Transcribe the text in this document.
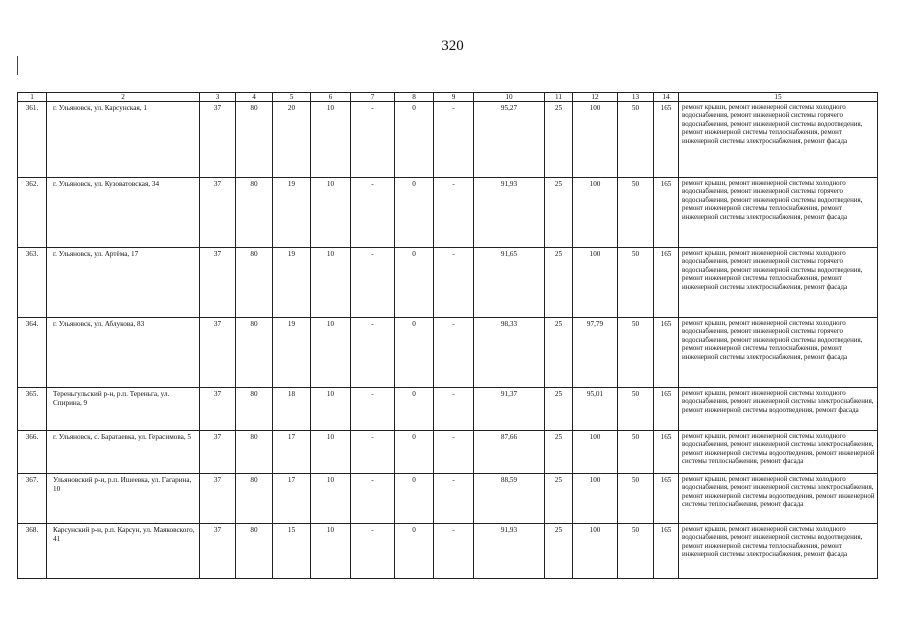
320
1	2	3	4	5	6	7	8	9	10	11	12	13	14	15
361.	г. Ульяновск, ул. Карсунская, 1	37	80	20	10	-	0	-	95,27	25	100	50	165	ремонт крыши, ремонт инженерной системы холодного водоснабжения, ремонт инженерной системы горячего водоснабжения, ремонт инженерной системы водоотведения, ремонт инженерной системы теплоснабжения, ремонт инженерной системы электроснабжения, ремонт фасада
362.	г. Ульяновск, ул. Кузоватовская, 34	37	80	19	10	-	0	-	91,93	25	100	50	165	ремонт крыши, ремонт инженерной системы холодного водоснабжения, ремонт инженерной системы горячего водоснабжения, ремонт инженерной системы водоотведения, ремонт инженерной системы теплоснабжения, ремонт инженерной системы электроснабжения, ремонт фасада
363.	г. Ульяновск, ул. Артёма, 17	37	80	19	10	-	0	-	91,65	25	100	50	165	ремонт крыши, ремонт инженерной системы холодного водоснабжения, ремонт инженерной системы горячего водоснабжения, ремонт инженерной системы водоотведения, ремонт инженерной системы теплоснабжения, ремонт инженерной системы электроснабжения, ремонт фасада
364.	г. Ульяновск, ул. Аблукова, 83	37	80	19	10	-	0	-	98,33	25	97,79	50	165	ремонт крыши, ремонт инженерной системы холодного водоснабжения, ремонт инженерной системы горячего водоснабжения, ремонт инженерной системы водоотведения, ремонт инженерной системы теплоснабжения, ремонт инженерной системы электроснабжения, ремонт фасада
365.	Тереньгульский р-н, р.п. Тереньга, ул. Спирина, 9	37	80	18	10	-	0	-	91,37	25	95,01	50	165	ремонт крыши, ремонт инженерной системы холодного водоснабжения, ремонт инженерной системы электроснабжения, ремонт инженерной системы водоотведения, ремонт фасада
366.	г. Ульяновск, с. Баратаевка, ул. Герасимова, 5	37	80	17	10	-	0	-	87,66	25	100	50	165	ремонт крыши, ремонт инженерной системы холодного водоснабжения, ремонт инженерной системы электроснабжения, ремонт инженерной системы водоотведения, ремонт инженерной системы теплоснабжения, ремонт фасада
367.	Ульяновский р-н, р.п. Ишеевка, ул. Гагарина, 10	37	80	17	10	-	0	-	88,59	25	100	50	165	ремонт крыши, ремонт инженерной системы холодного водоснабжения, ремонт инженерной системы электроснабжения, ремонт инженерной системы водоотведения, ремонт инженерной системы теплоснабжения, ремонт фасада
368.	Карсунский р-н, р.п. Карсун, ул. Маяковского, 41	37	80	15	10	-	0	-	91,93	25	100	50	165	ремонт крыши, ремонт инженерной системы холодного водоснабжения, ремонт инженерной системы водоотведения, ремонт инженерной системы теплоснабжения, ремонт инженерной системы электроснабжения, ремонт фасада
